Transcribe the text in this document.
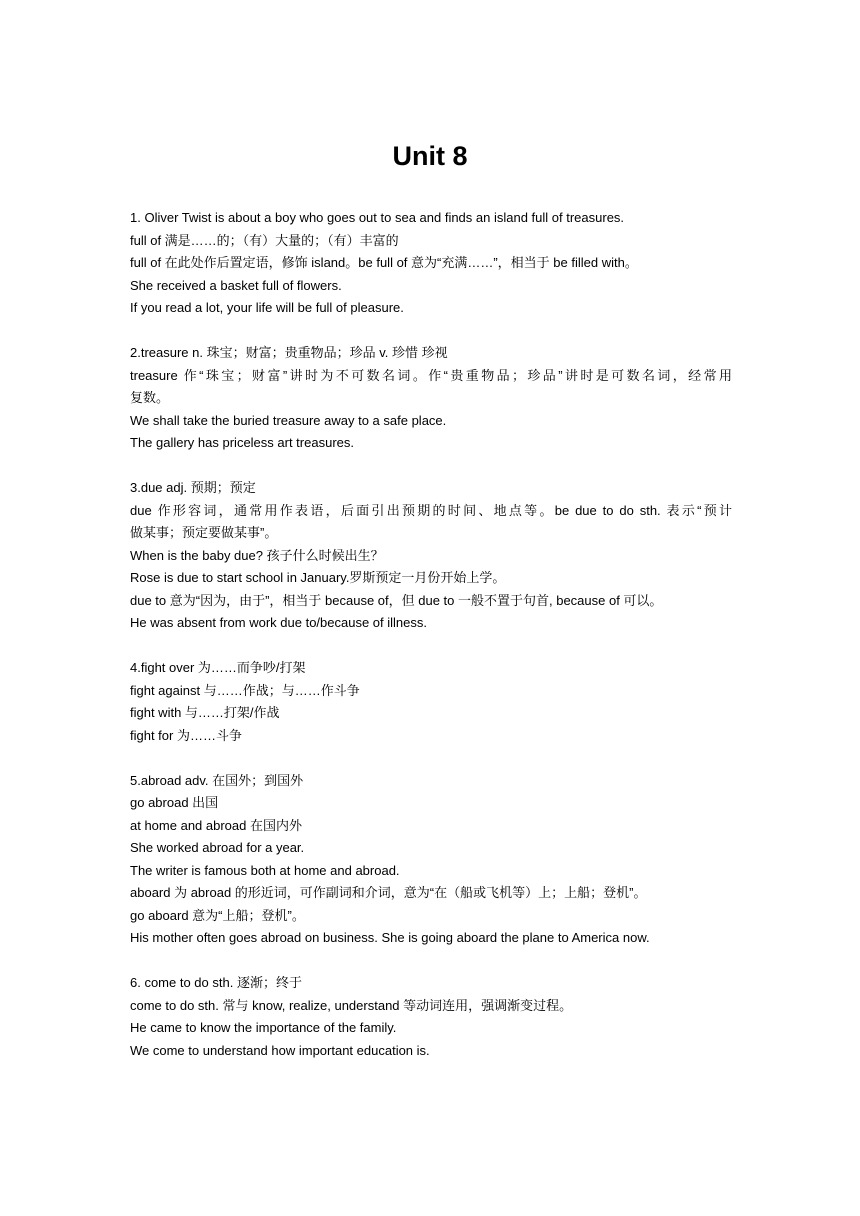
Unit 8

1. Oliver Twist is about a boy who goes out to sea and finds an island full of treasures.

full of 满是……的；（有）大量的；（有）丰富的

full of 在此处作后置定语，修饰 island。be full of 意为“充满……”，相当于 be filled with。

She received a basket full of flowers.

If you read a lot, your life will be full of pleasure.

2.treasure n. 珠宝；财富；贵重物品；珍品 v. 珍惜 珍视

treasure 作“珠宝；财富”讲时为不可数名词。作“贵重物品；珍品”讲时是可数名词，经常用

复数。

We shall take the buried treasure away to a safe place.

The gallery has priceless art treasures.

3.due adj. 预期；预定

due 作形容词，通常用作表语，后面引出预期的时间、地点等。be due to do sth. 表示“预计

做某事；预定要做某事”。

When is the baby due? 孩子什么时候出生？

Rose is due to start school in January.罗斯预定一月份开始上学。

due to 意为“因为，由于”，相当于 because of，但 due to 一般不置于句首, because of 可以。

He was absent from work due to/because of illness.

4.fight over 为……而争吵/打架

fight against 与……作战；与……作斗争

fight with 与……打架/作战

fight for 为……斗争

5.abroad adv. 在国外；到国外

go abroad 出国

at home and abroad 在国内外

She worked abroad for a year.

The writer is famous both at home and abroad.

aboard 为 abroad 的形近词，可作副词和介词，意为“在（船或飞机等）上；上船；登机”。

go aboard 意为“上船；登机”。

His mother often goes abroad on business. She is going aboard the plane to America now.

6. come to do sth. 逐渐；终于

come to do sth. 常与 know, realize, understand 等动词连用，强调渐变过程。

He came to know the importance of the family.

We come to understand how important education is.
